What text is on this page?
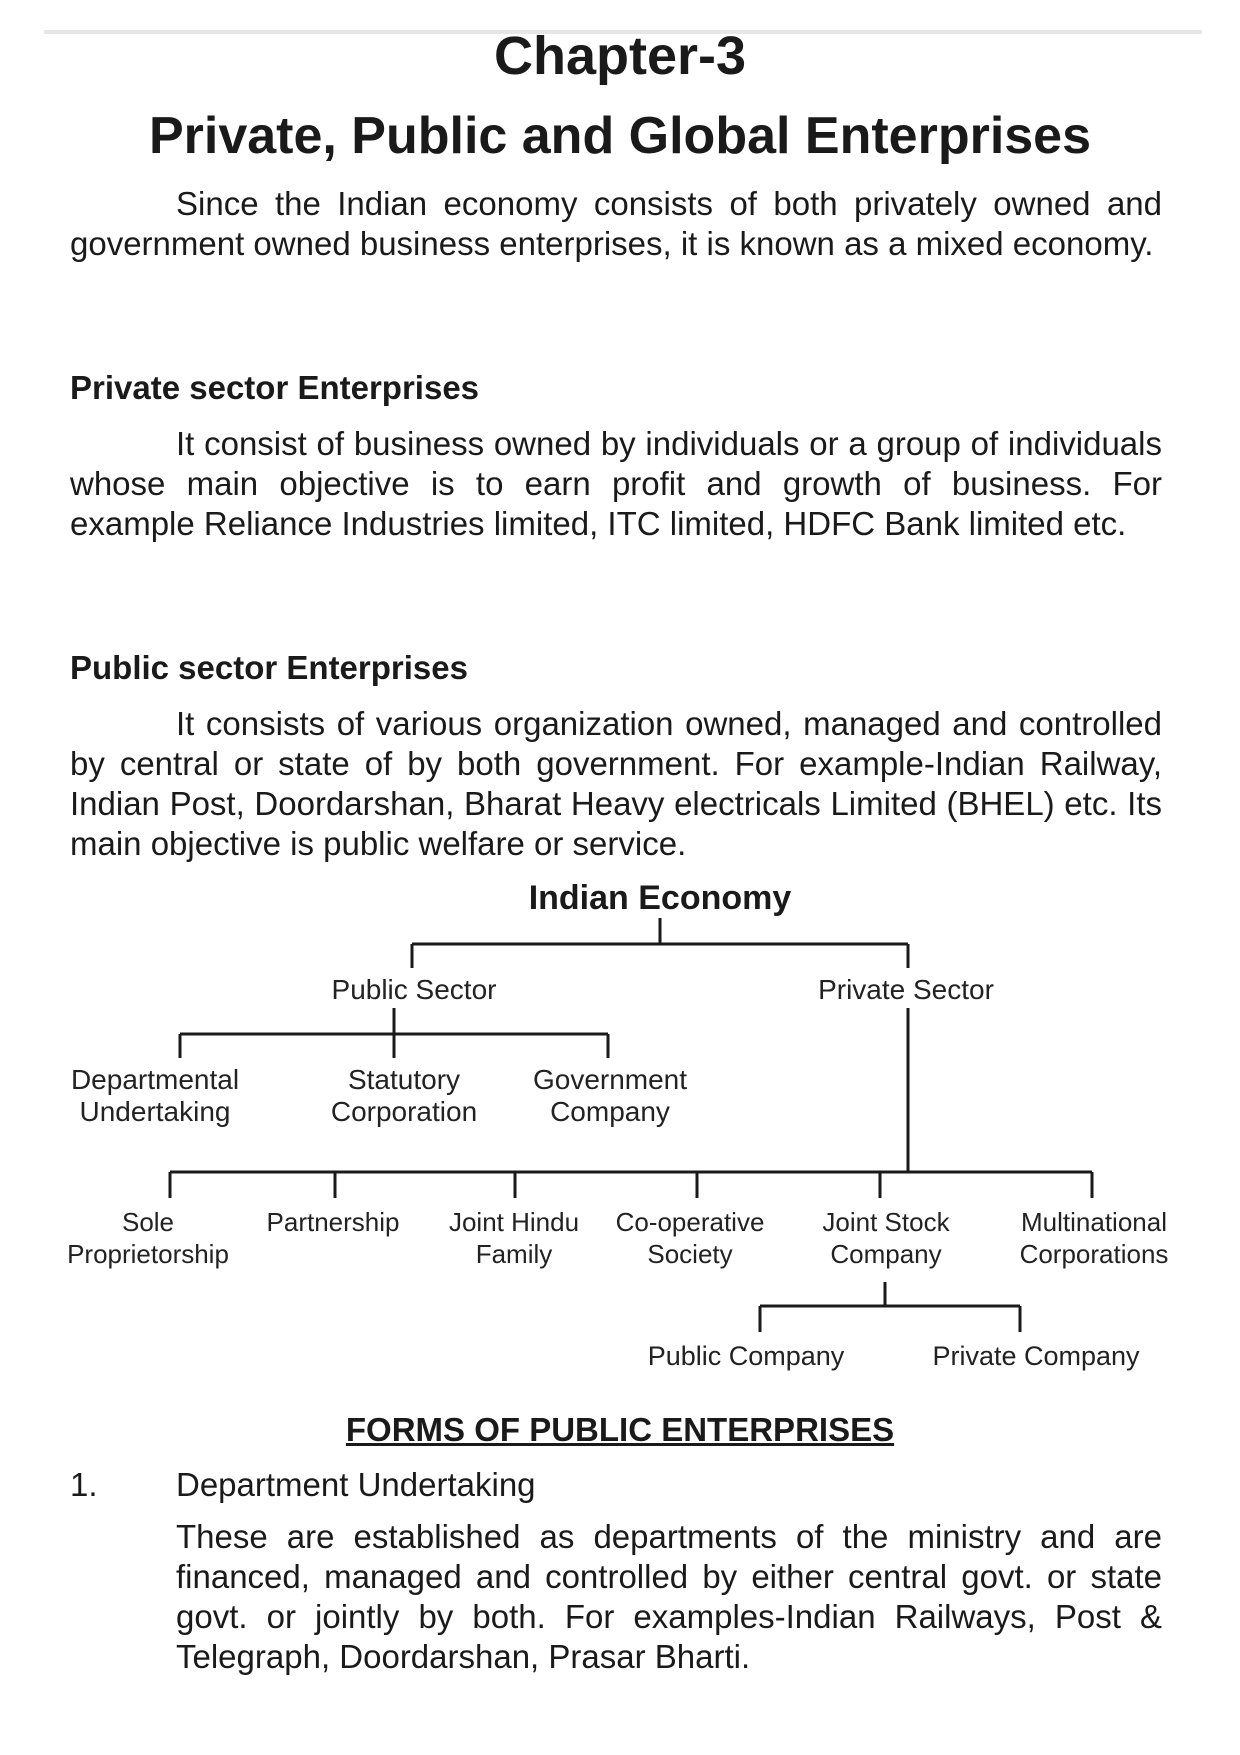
Chapter-3
Private, Public and Global Enterprises

Since the Indian economy consists of both privately owned and government owned business enterprises, it is known as a mixed economy.

Private sector Enterprises

It consist of business owned by individuals or a group of individuals whose main objective is to earn profit and growth of business. For example Reliance Industries limited, ITC limited, HDFC Bank limited etc.

Public sector Enterprises

It consists of various organization owned, managed and controlled by central or state of by both government. For example-Indian Railway, Indian Post, Doordarshan, Bharat Heavy electricals Limited (BHEL) etc. Its main objective is public welfare or service.

Indian Economy
Public Sector	Private Sector
Departmental
Undertaking
Statutory
Corporation
Government
Company
Sole
Proprietorship
Partnership Joint Hindu
Family
Co-operative
Society
Joint Stock
Company
Multinational
Corporations
Public Company	Private Company
FORMS OF PUBLIC ENTERPRISES
1. Department Undertaking

These are established as departments of the ministry and are financed, managed and controlled by either central govt. or state govt. or jointly by both. For examples-Indian Railways, Post & Telegraph, Doordarshan, Prasar Bharti.
